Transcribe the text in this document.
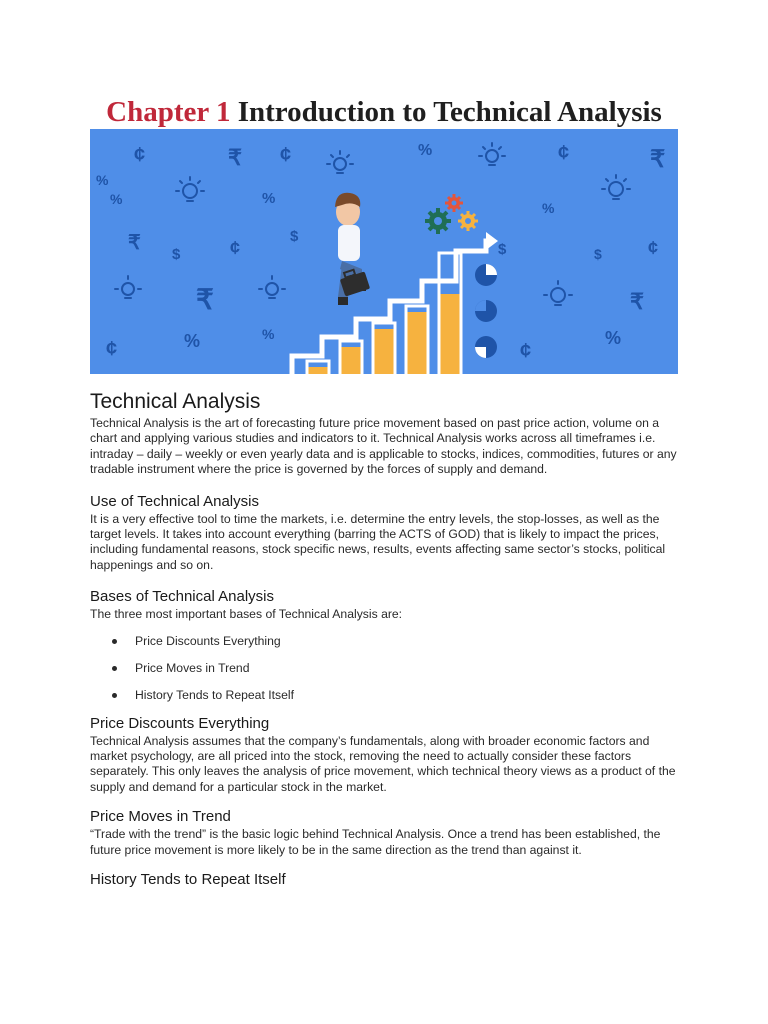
Chapter 1 Introduction to Technical Analysis
¢	₹ ¢	%	¢	₹
%
%	%
%
₹
$	¢
$
$	$	¢
₹	₹
%	%
¢	¢
%
Technical Analysis

Technical Analysis is the art of forecasting future price movement based on past price action, volume on a chart and applying various studies and indicators to it. Technical Analysis works across all timeframes i.e. intraday – daily – weekly or even yearly data and is applicable to stocks, indices, commodities, futures or any tradable instrument where the price is governed by the forces of supply and demand.

Use of Technical Analysis

It is a very effective tool to time the markets, i.e. determine the entry levels, the stop-losses, as well as the target levels. It takes into account everything (barring the ACTS of GOD) that is likely to impact the prices, including fundamental reasons, stock specific news, results, events affecting same sector’s stocks, political happenings and so on.

Bases of Technical Analysis

The three most important bases of Technical Analysis are:

Price Discounts Everything
Price Moves in Trend
History Tends to Repeat Itself
Price Discounts Everything

Technical Analysis assumes that the company’s fundamentals, along with broader economic factors and market psychology, are all priced into the stock, removing the need to actually consider these factors separately. This only leaves the analysis of price movement, which technical theory views as a product of the supply and demand for a particular stock in the market.

Price Moves in Trend

“Trade with the trend” is the basic logic behind Technical Analysis. Once a trend has been established, the future price movement is more likely to be in the same direction as the trend than against it.

History Tends to Repeat Itself
